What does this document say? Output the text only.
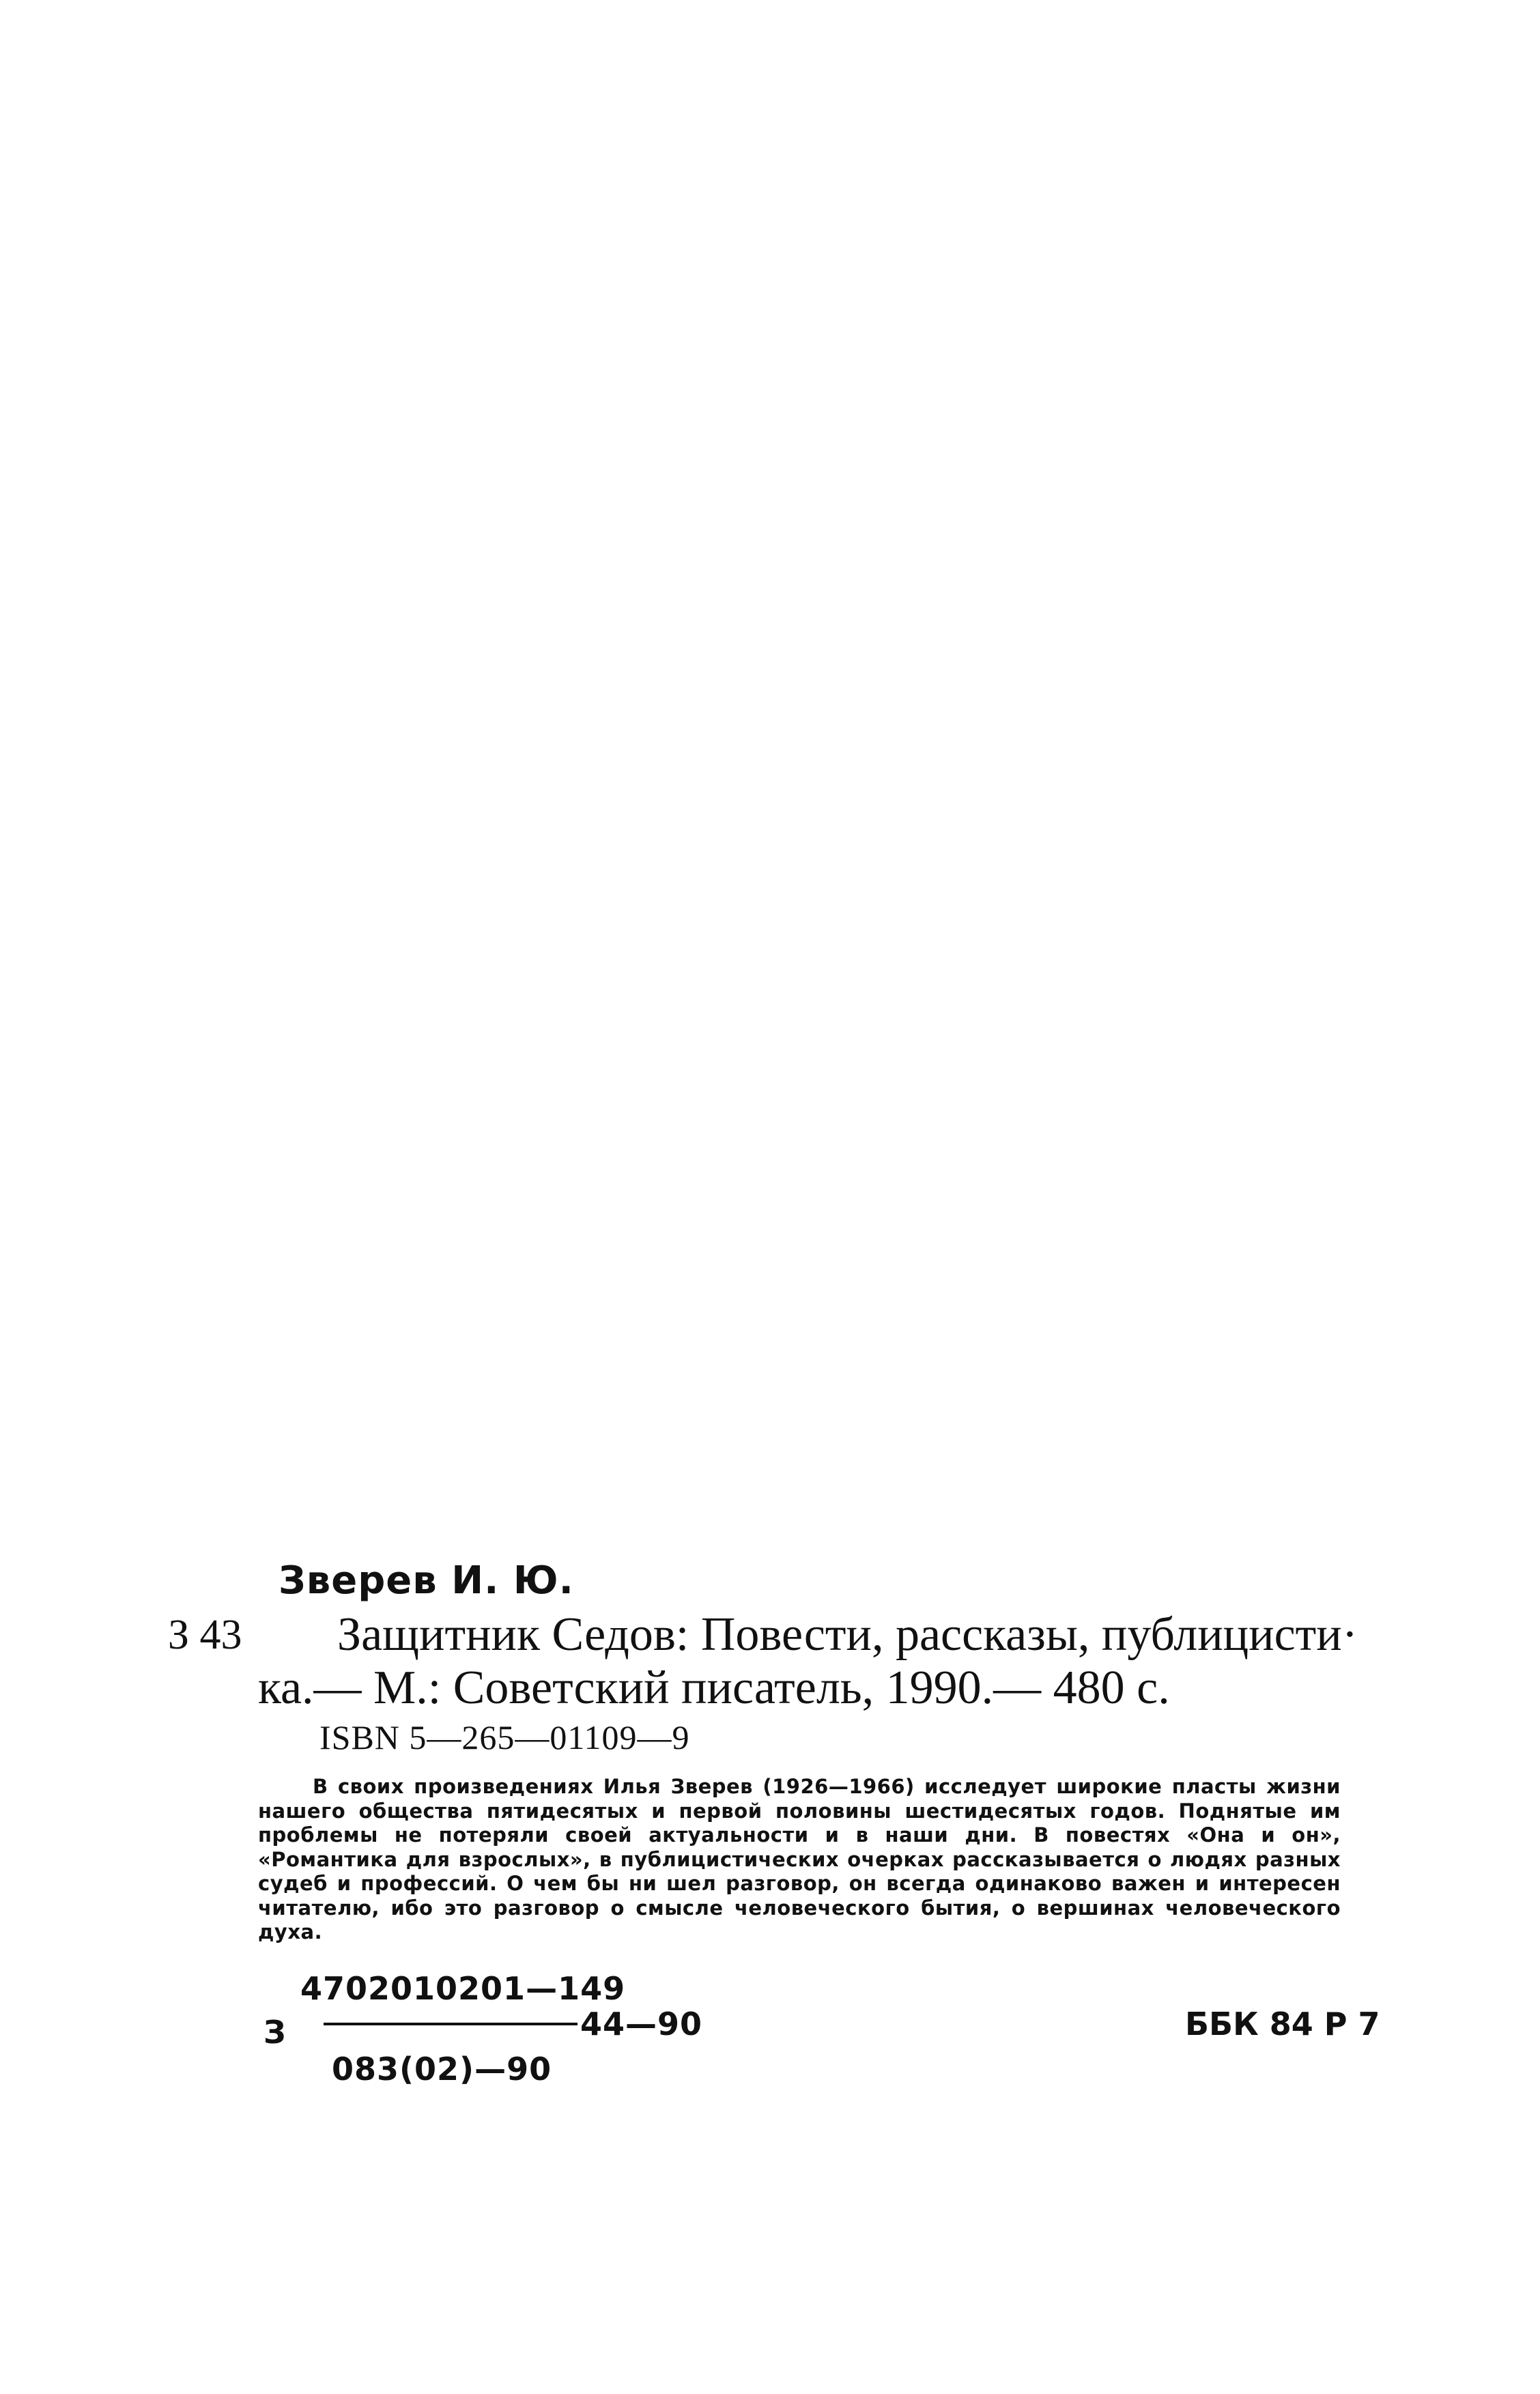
Зверев И. Ю.
З 43	Защитник Седов: Повести, рассказы, публицисти·
ка.— М.: Советский писатель, 1990.— 480 с.
ISBN 5—265—01109—9
В своих произведениях Илья Зверев (1926—1966) исследует широкие пласты жизни нашего общества пятидесятых и первой половины шестидесятых годов. Поднятые им проблемы не потеряли своей актуальности и в наши дни. В повестях «Она и он», «Романтика для взрослых», в публицистических очерках рассказывается о людях разных судеб и профессий. О чем бы ни шел разговор, он всегда одинаково важен и интересен читателю, ибо это разговор о смысле человеческого бытия, о вершинах человеческого духа.
З
4702010201—149
44—90
083(02)—90
ББК 84 Р 7
